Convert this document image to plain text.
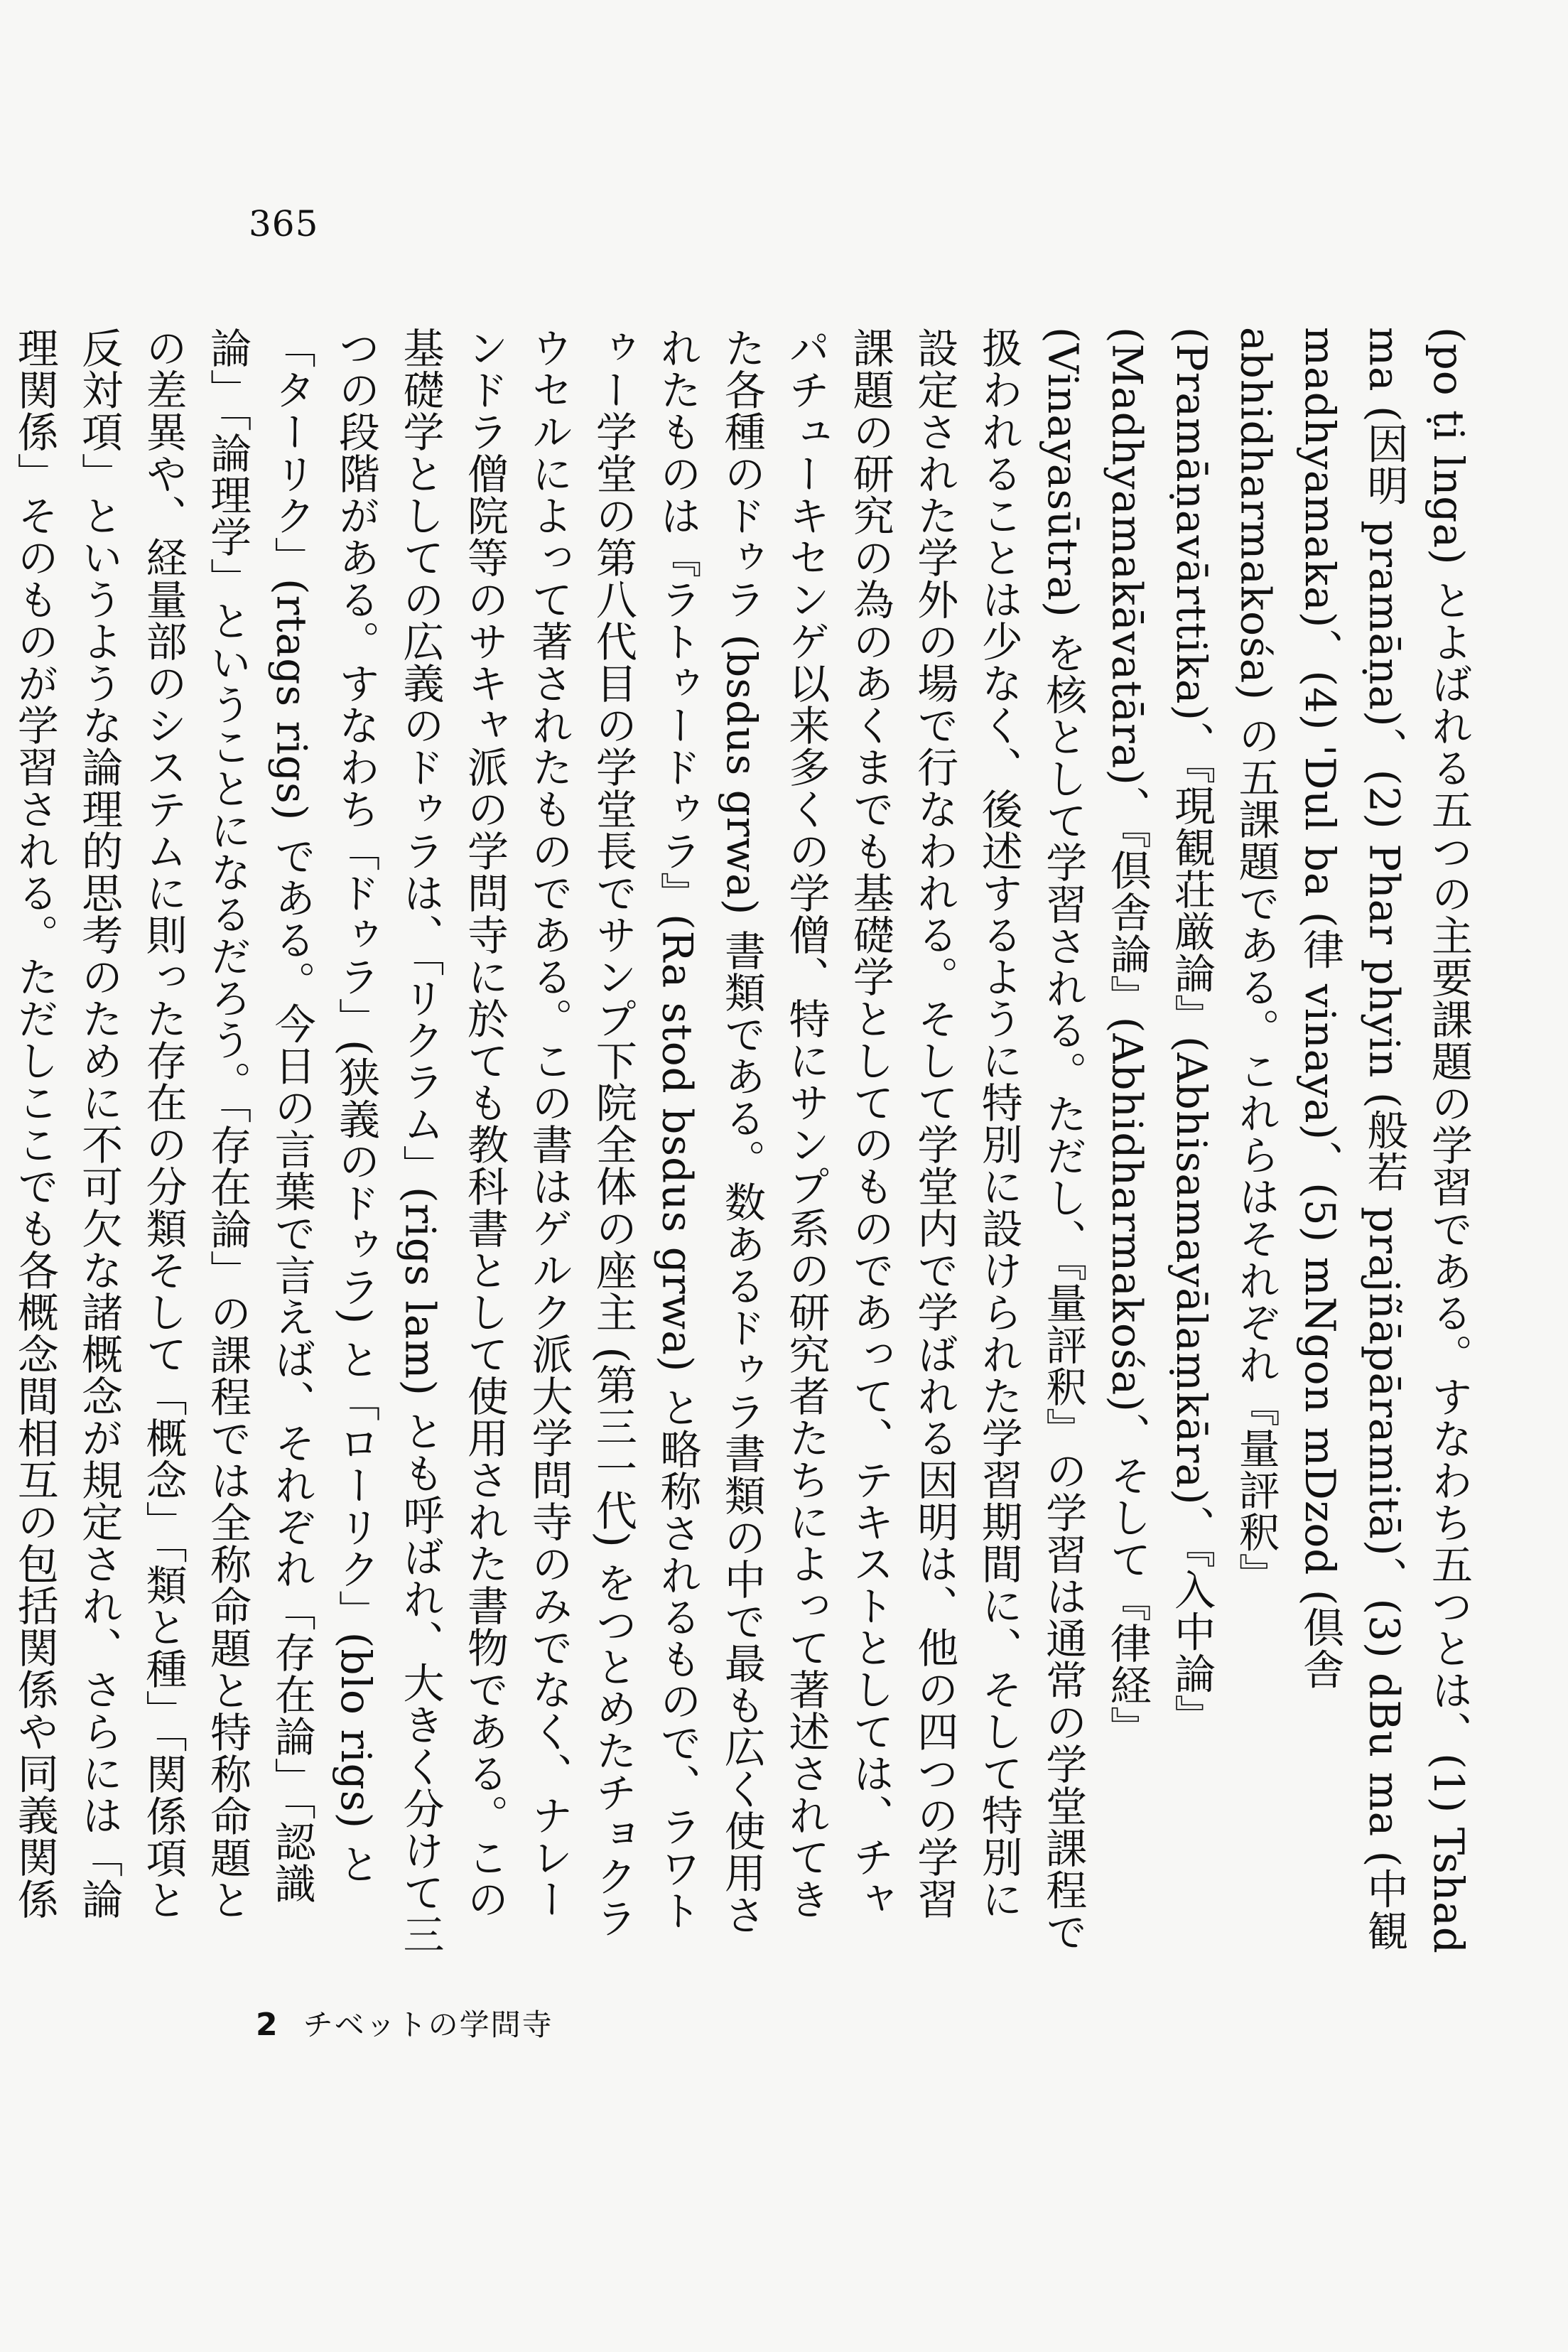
365

(po ṭi lnga) とよばれる五つの主要課題の学習である。すなわち五つとは、(1) Tshad ma (因明 pramāṇa)、(2) Phar phyin (般若 prajñāpāramitā)、(3) dBu ma (中観 madhyamaka)、(4) 'Dul ba (律 vinaya)、(5) mNgon mDzod (倶舎 abhidharmakośa) の五課題である。これらはそれぞれ『量評釈』(Pramāṇavārttika)、『現観荘厳論』(Abhisamayālaṃkāra)、『入中論』(Madhyamakāvatāra)、『倶舎論』(Abhidharmakośa)、そして『律経』(Vinayasūtra) を核として学習される。ただし、『量評釈』の学習は通常の学堂課程で扱われることは少なく、後述するように特別に設けられた学習期間に、そして特別に設定された学外の場で行なわれる。そして学堂内で学ばれる因明は、他の四つの学習課題の研究の為のあくまでも基礎学としてのものであって、テキストとしては、チャパチューキセンゲ以来多くの学僧、特にサンプ系の研究者たちによって著述されてきた各種のドゥラ (bsdus grwa) 書類である。数あるドゥラ書類の中で最も広く使用されたものは『ラトゥードゥラ』(Ra stod bsdus grwa) と略称されるもので、ラワトゥー学堂の第八代目の学堂長でサンプ下院全体の座主 (第三一代) をつとめたチョクラウセルによって著されたものである。この書はゲルク派大学問寺のみでなく、ナレーンドラ僧院等のサキャ派の学問寺に於ても教科書として使用された書物である。この基礎学としての広義のドゥラは、「リクラム」(rigs lam) とも呼ばれ、大きく分けて三つの段階がある。すなわち「ドゥラ」(狭義のドゥラ) と「ローリク」(blo rigs) と「ターリク」(rtags rigs) である。今日の言葉で言えば、それぞれ「存在論」「認識論」「論理学」ということになるだろう。「存在論」の課程では全称命題と特称命題との差異や、経量部のシステムに則った存在の分類そして「概念」「類と種」「関係項と反対項」というような論理的思考のために不可欠な諸概念が規定され、さらには「論理関係」そのものが学習される。ただしここでも各概念間相互の包括関係や同義関係

2 チベットの学問寺
